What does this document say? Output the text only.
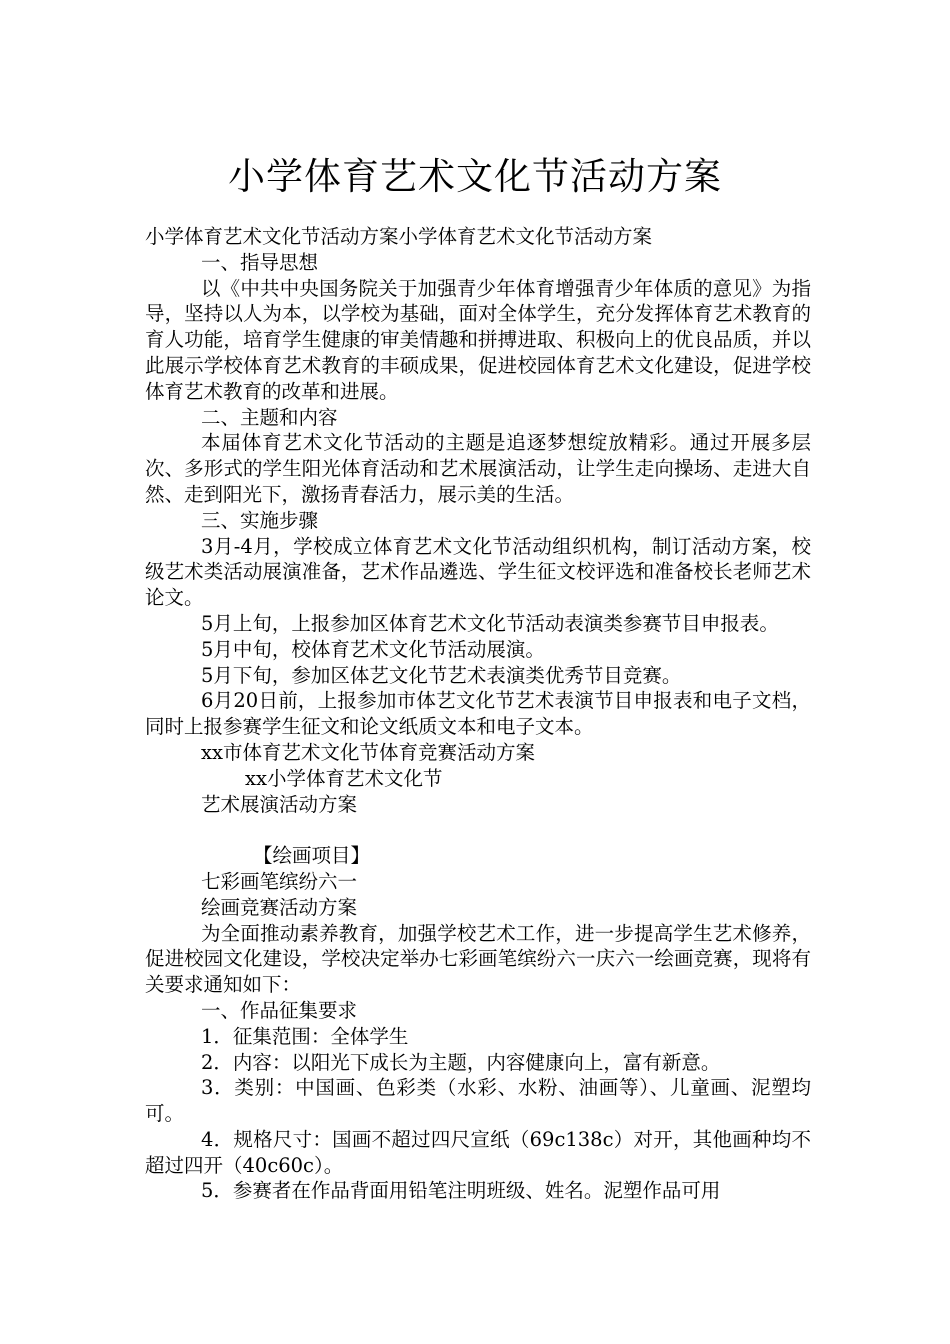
小学体育艺术文化节活动方案

小学体育艺术文化节活动方案小学体育艺术文化节活动方案

一、指导思想

以《中共中央国务院关于加强青少年体育增强青少年体质的意见》为指导，坚持以人为本，以学校为基础，面对全体学生，充分发挥体育艺术教育的育人功能，培育学生健康的审美情趣和拼搏进取、积极向上的优良品质，并以此展示学校体育艺术教育的丰硕成果，促进校园体育艺术文化建设，促进学校体育艺术教育的改革和进展。

二、主题和内容

本届体育艺术文化节活动的主题是追逐梦想绽放精彩。通过开展多层次、多形式的学生阳光体育活动和艺术展演活动，让学生走向操场、走进大自然、走到阳光下，激扬青春活力，展示美的生活。

三、实施步骤

3月-4月，学校成立体育艺术文化节活动组织机构，制订活动方案，校级艺术类活动展演准备，艺术作品遴选、学生征文校评选和准备校长老师艺术论文。

5月上旬，上报参加区体育艺术文化节活动表演类参赛节目申报表。

5月中旬，校体育艺术文化节活动展演。

5月下旬，参加区体艺文化节艺术表演类优秀节目竞赛。

6月20日前，上报参加市体艺文化节艺术表演节目申报表和电子文档，同时上报参赛学生征文和论文纸质文本和电子文本。

xx市体育艺术文化节体育竞赛活动方案

xx小学体育艺术文化节

艺术展演活动方案

【绘画项目】

七彩画笔缤纷六一

绘画竞赛活动方案

为全面推动素养教育，加强学校艺术工作，进一步提高学生艺术修养，促进校园文化建设，学校决定举办七彩画笔缤纷六一庆六一绘画竞赛，现将有关要求通知如下：

一、作品征集要求

1．征集范围：全体学生

2．内容：以阳光下成长为主题，内容健康向上，富有新意。

3．类别：中国画、色彩类（水彩、水粉、油画等）、儿童画、泥塑均可。

4．规格尺寸：国画不超过四尺宣纸（69c138c）对开，其他画种均不超过四开（40c60c）。

5．参赛者在作品背面用铅笔注明班级、姓名。泥塑作品可用
